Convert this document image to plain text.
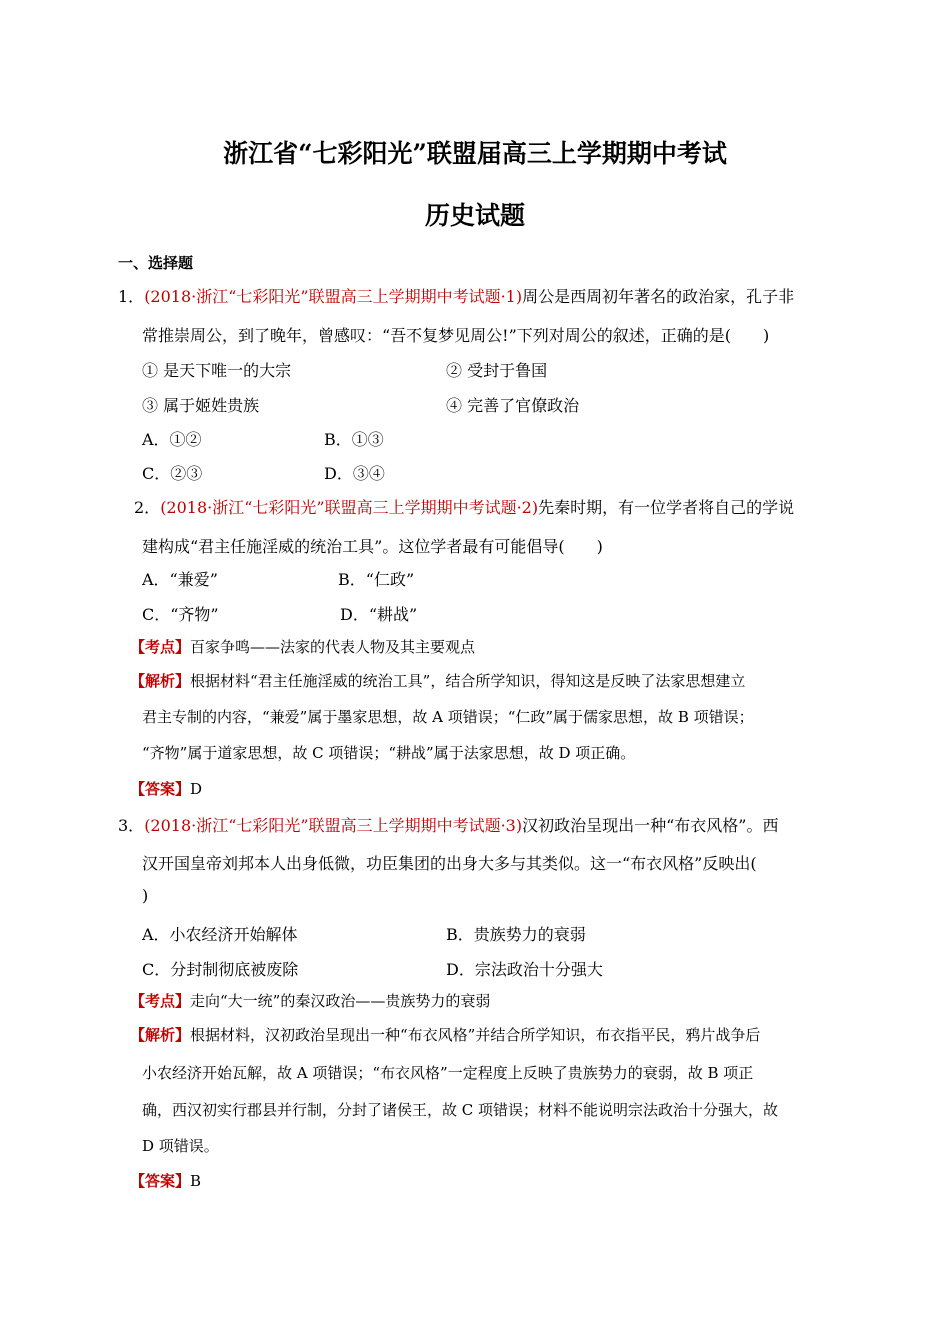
浙江省“七彩阳光”联盟届高三上学期期中考试
历史试题
一、选择题
1．(2018·浙江“七彩阳光”联盟高三上学期期中考试题·1)周公是西周初年著名的政治家，孔子非
常推崇周公，到了晚年，曾感叹：“吾不复梦见周公!”下列对周公的叙述，正确的是(　　)
① 是天下唯一的大宗	② 受封于鲁国
③ 属于姬姓贵族	④ 完善了官僚政治
A．①②	B．①③
C．②③	D．③④
2．(2018·浙江“七彩阳光”联盟高三上学期期中考试题·2)先秦时期，有一位学者将自己的学说
建构成“君主任施淫威的统治工具”。这位学者最有可能倡导(　　)
A．“兼爱”	B．“仁政”
C．“齐物”	D．“耕战”
【考点】百家争鸣——法家的代表人物及其主要观点
【解析】根据材料“君主任施淫威的统治工具”，结合所学知识，得知这是反映了法家思想建立
君主专制的内容，“兼爱”属于墨家思想，故 A 项错误；“仁政”属于儒家思想，故 B 项错误；
“齐物”属于道家思想，故 C 项错误；“耕战”属于法家思想，故 D 项正确。
【答案】D
3．(2018·浙江“七彩阳光”联盟高三上学期期中考试题·3)汉初政治呈现出一种“布衣风格”。西
汉开国皇帝刘邦本人出身低微，功臣集团的出身大多与其类似。这一“布衣风格”反映出(
)
A．小农经济开始解体	B．贵族势力的衰弱
C．分封制彻底被废除	D．宗法政治十分强大
【考点】走向“大一统”的秦汉政治——贵族势力的衰弱
【解析】根据材料，汉初政治呈现出一种“布衣风格”并结合所学知识，布衣指平民，鸦片战争后
小农经济开始瓦解，故 A 项错误；“布衣风格”一定程度上反映了贵族势力的衰弱，故 B 项正
确，西汉初实行郡县并行制，分封了诸侯王，故 C 项错误；材料不能说明宗法政治十分强大，故
D 项错误。
【答案】B
